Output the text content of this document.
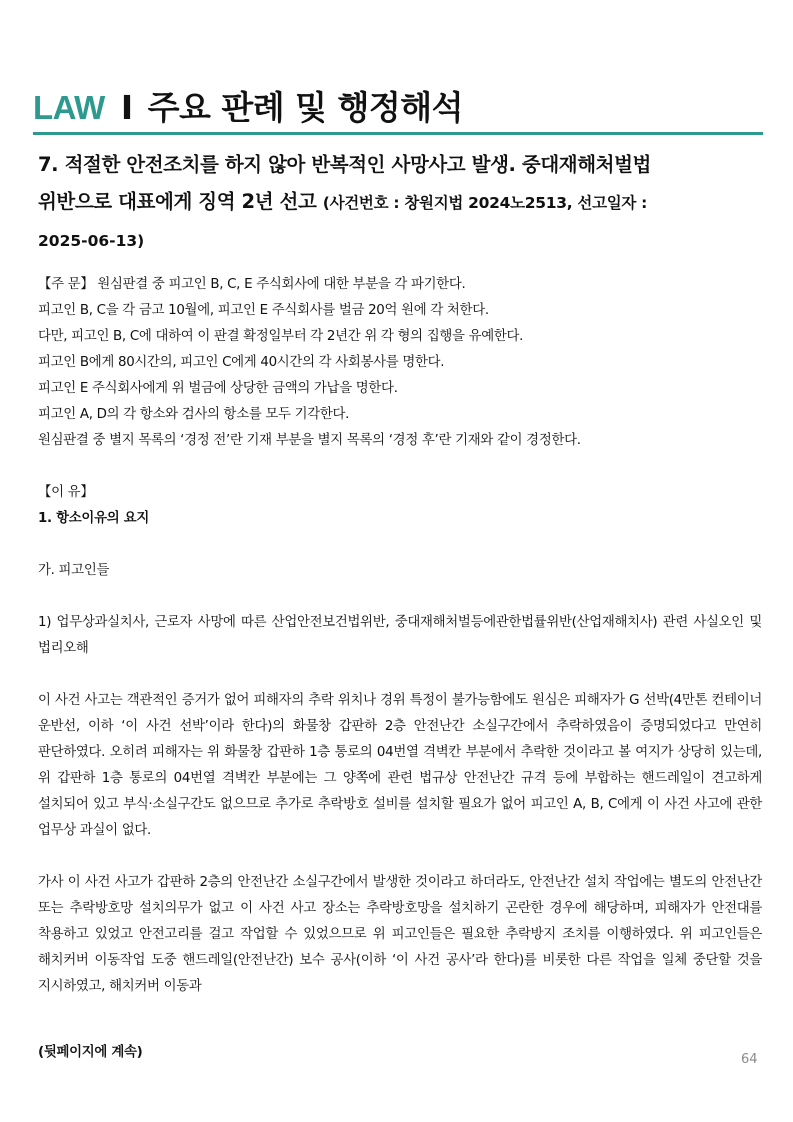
LAW I 주요 판례 및 행정해석
7. 적절한 안전조치를 하지 않아 반복적인 사망사고 발생. 중대재해처벌법
위반으로 대표에게 징역 2년 선고 (사건번호 : 창원지법 2024노2513, 선고일자 :
2025-06-13)
【주 문】 원심판결 중 피고인 B, C, E 주식회사에 대한 부분을 각 파기한다.
피고인 B, C을 각 금고 10월에, 피고인 E 주식회사를 벌금 20억 원에 각 처한다.
다만, 피고인 B, C에 대하여 이 판결 확정일부터 각 2년간 위 각 형의 집행을 유예한다.
피고인 B에게 80시간의, 피고인 C에게 40시간의 각 사회봉사를 명한다.
피고인 E 주식회사에게 위 벌금에 상당한 금액의 가납을 명한다.
피고인 A, D의 각 항소와 검사의 항소를 모두 기각한다.
원심판결 중 별지 목록의 ‘경정 전’란 기재 부분을 별지 목록의 ‘경정 후’란 기재와 같이 경정한다.
【이 유】
1. 항소이유의 요지
가. 피고인들
1) 업무상과실치사, 근로자 사망에 따른 산업안전보건법위반, 중대재해처벌등에관한법률위반(산업재해치사) 관련 사실오인 및 법리오해
이 사건 사고는 객관적인 증거가 없어 피해자의 추락 위치나 경위 특정이 불가능함에도 원심은 피해자가 G 선박(4만톤 컨테이너 운반선, 이하 ‘이 사건 선박’이라 한다)의 화물창 갑판하 2층 안전난간 소실구간에서 추락하였음이 증명되었다고 만연히 판단하였다. 오히려 피해자는 위 화물창 갑판하 1층 통로의 04번열 격벽칸 부분에서 추락한 것이라고 볼 여지가 상당히 있는데, 위 갑판하 1층 통로의 04번열 격벽칸 부분에는 그 양쪽에 관련 법규상 안전난간 규격 등에 부합하는 핸드레일이 견고하게 설치되어 있고 부식·소실구간도 없으므로 추가로 추락방호 설비를 설치할 필요가 없어 피고인 A, B, C에게 이 사건 사고에 관한 업무상 과실이 없다.
가사 이 사건 사고가 갑판하 2층의 안전난간 소실구간에서 발생한 것이라고 하더라도, 안전난간 설치 작업에는 별도의 안전난간 또는 추락방호망 설치의무가 없고 이 사건 사고 장소는 추락방호망을 설치하기 곤란한 경우에 해당하며, 피해자가 안전대를 착용하고 있었고 안전고리를 걸고 작업할 수 있었으므로 위 피고인들은 필요한 추락방지 조치를 이행하였다. 위 피고인들은 해치커버 이동작업 도중 핸드레일(안전난간) 보수 공사(이하 ‘이 사건 공사’라 한다)를 비롯한 다른 작업을 일체 중단할 것을 지시하였고, 해치커버 이동과
(뒷페이지에 계속)	64
